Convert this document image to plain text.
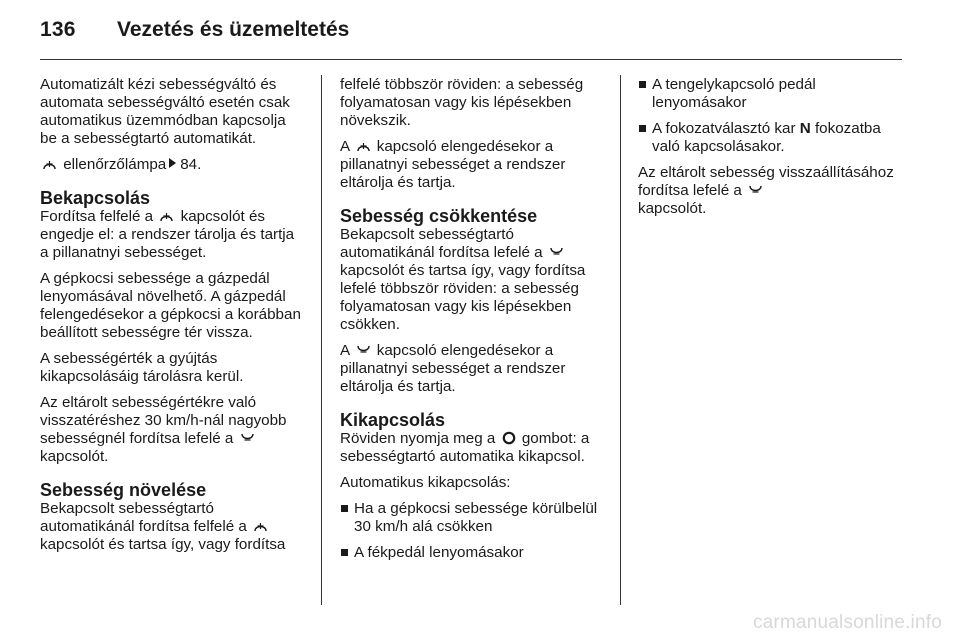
136 Vezetés és üzemeltetés

Automatizált kézi sebességváltó és automata sebességváltó esetén csak automatikus üzemmódban kapcsolja be a sebességtartó automatikát.

ellenőrzőlámpa 84.

Bekapcsolás

Fordítsa felfelé a kapcsolót és engedje el: a rendszer tárolja és tartja a pillanatnyi sebességet.

A gépkocsi sebessége a gázpedál lenyomásával növelhető. A gázpedál felengedésekor a gépkocsi a korábban beállított sebességre tér vissza.

A sebességérték a gyújtás kikapcsolásáig tárolásra kerül.

Az eltárolt sebességértékre való visszatéréshez 30 km/h-nál nagyobb sebességnél fordítsa lefelé a
kapcsolót.

Sebesség növelése

Bekapcsolt sebességtartó automatikánál fordítsa felfelé a  kapcsolót és tartsa így, vagy fordítsa

felfelé többször röviden: a sebesség folyamatosan vagy kis lépésekben növekszik.

A kapcsoló elengedésekor a pillanatnyi sebességet a rendszer eltárolja és tartja.

Sebesség csökkentése

Bekapcsolt sebességtartó automatikánál fordítsa lefelé a  kapcsolót és tartsa így, vagy fordítsa lefelé többször röviden: a sebesség folyamatosan vagy kis lépésekben csökken.

A kapcsoló elengedésekor a pillanatnyi sebességet a rendszer eltárolja és tartja.

Kikapcsolás

Röviden nyomja meg a gombot: a sebességtartó automatika kikapcsol.

Automatikus kikapcsolás:

Ha a gépkocsi sebessége körülbelül 30 km/h alá csökken
A fékpedál lenyomásakor
A tengelykapcsoló pedál lenyomásakor
A fokozatválasztó kar N fokozatba való kapcsolásakor.

Az eltárolt sebesség visszaállításához fordítsa lefelé a
kapcsolót.

carmanualsonline.info
